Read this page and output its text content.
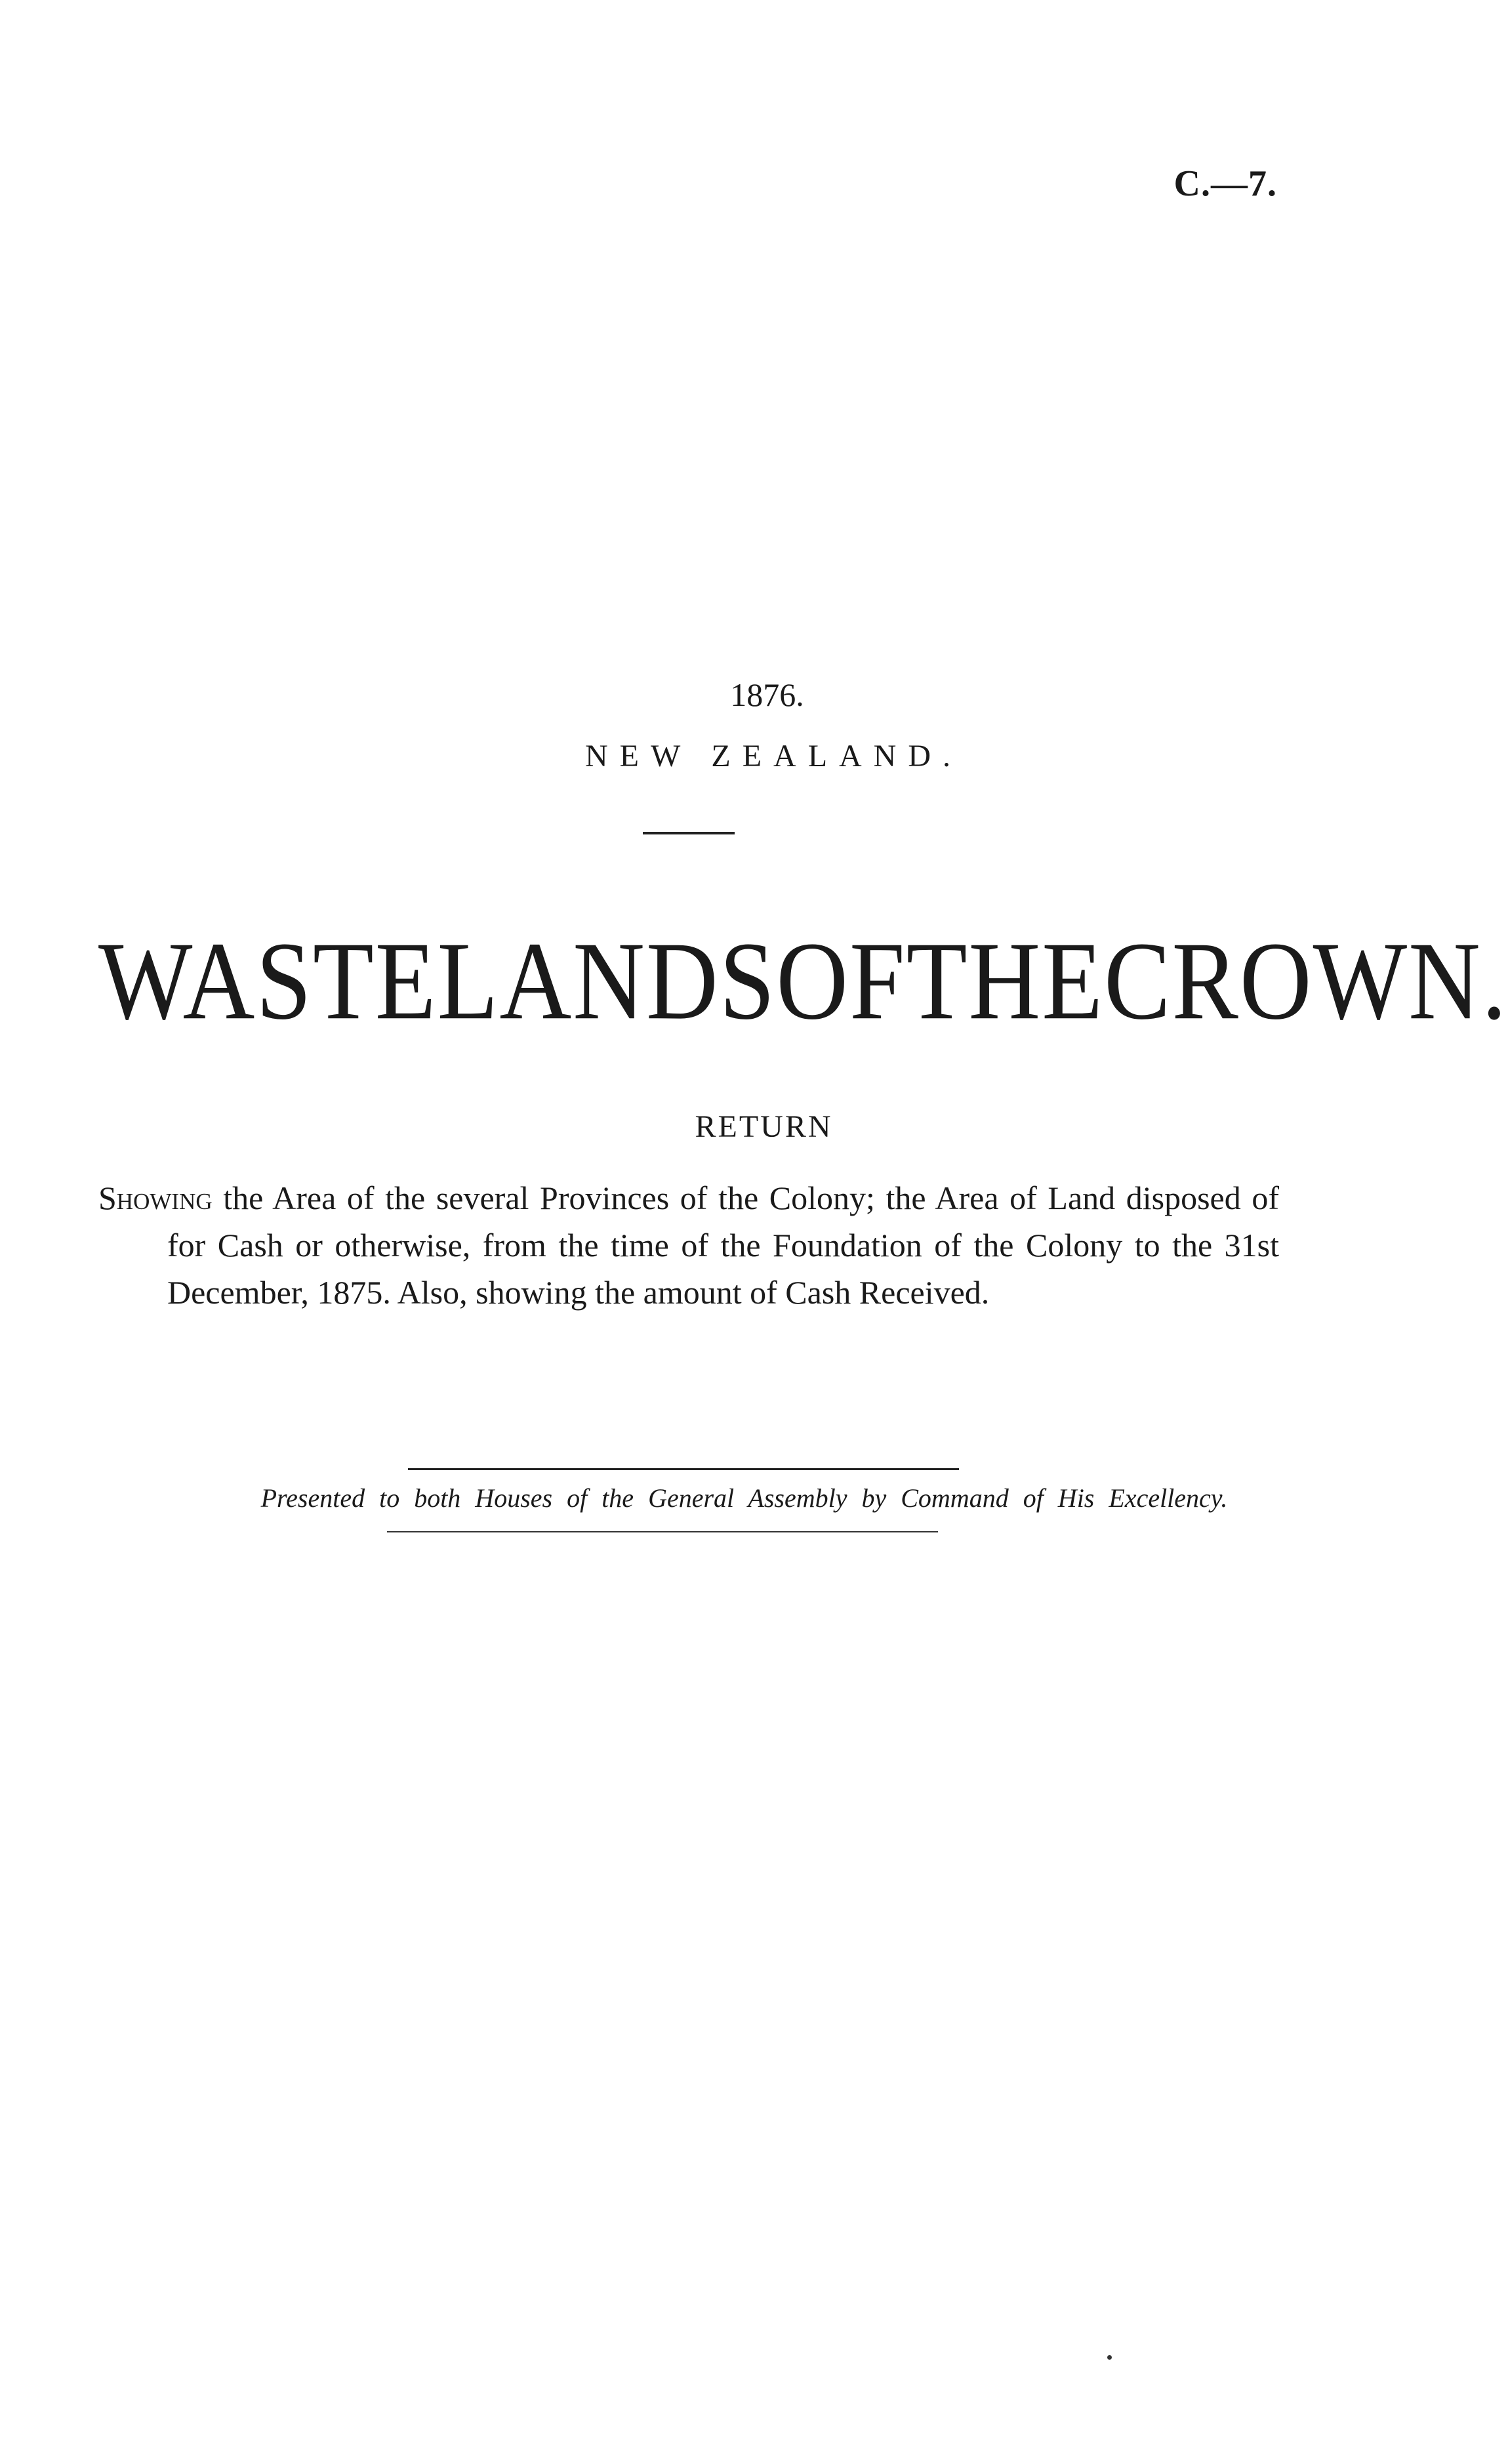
C.—7.
1876.
NEW ZEALAND.
WASTE LANDS OF THE CROWN.
RETURN
Showing the Area of the several Provinces of the Colony; the Area of Land disposed of for Cash or otherwise, from the time of the Foundation of the Colony to the 31st December, 1875. Also, showing the amount of Cash Received.
Presented to both Houses of the General Assembly by Command of His Excellency.
